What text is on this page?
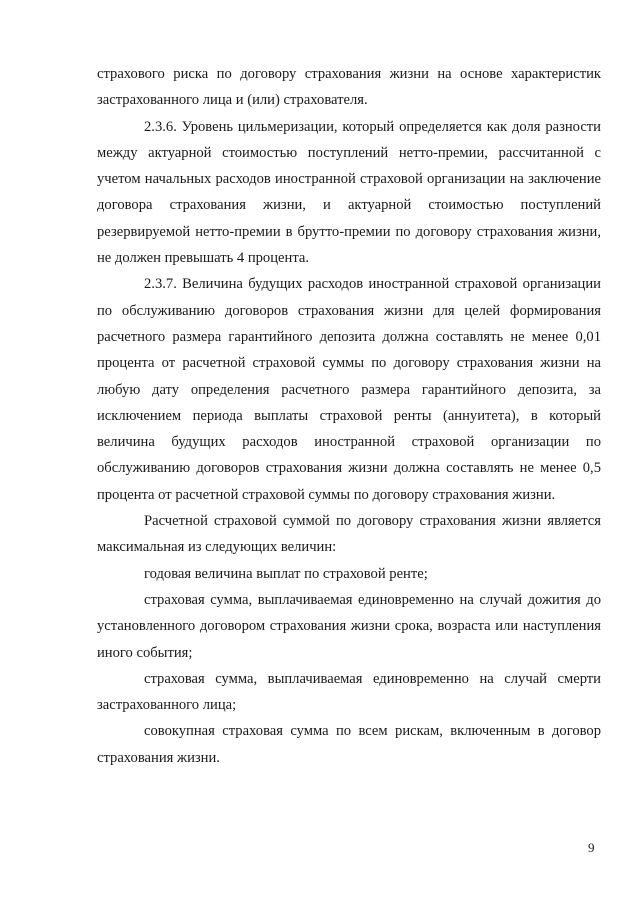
страхового риска по договору страхования жизни на основе характеристик застрахованного лица и (или) страхователя.

2.3.6. Уровень цильмеризации, который определяется как доля разности между актуарной стоимостью поступлений нетто-премии, рассчитанной с учетом начальных расходов иностранной страховой организации на заключение договора страхования жизни, и актуарной стоимостью поступлений резервируемой нетто-премии в брутто-премии по договору страхования жизни, не должен превышать 4 процента.

2.3.7. Величина будущих расходов иностранной страховой организации по обслуживанию договоров страхования жизни для целей формирования расчетного размера гарантийного депозита должна составлять не менее 0,01 процента от расчетной страховой суммы по договору страхования жизни на любую дату определения расчетного размера гарантийного депозита, за исключением периода выплаты страховой ренты (аннуитета), в который величина будущих расходов иностранной страховой организации по обслуживанию договоров страхования жизни должна составлять не менее 0,5 процента от расчетной страховой суммы по договору страхования жизни.

Расчетной страховой суммой по договору страхования жизни является максимальная из следующих величин:

годовая величина выплат по страховой ренте;

страховая сумма, выплачиваемая единовременно на случай дожития до установленного договором страхования жизни срока, возраста или наступления иного события;

страховая сумма, выплачиваемая единовременно на случай смерти застрахованного лица;

совокупная страховая сумма по всем рискам, включенным в договор страхования жизни.

9
